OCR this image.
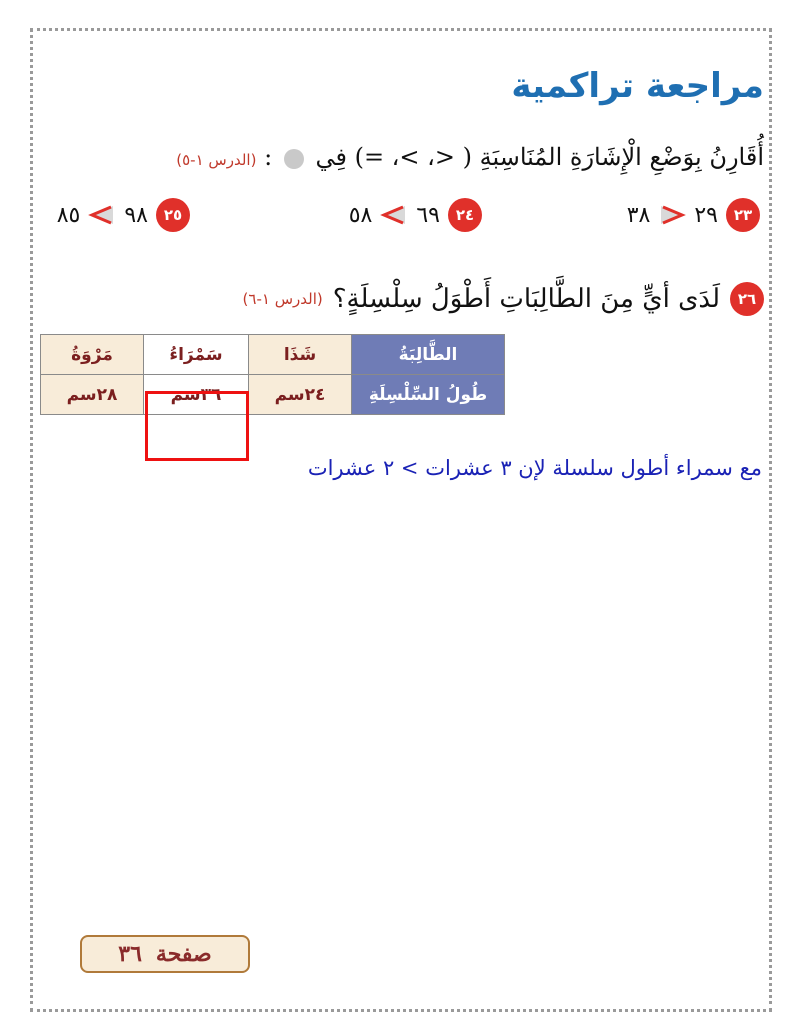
مراجعة تراكمية
أُقَارِنُ بِوَضْعِ الْإِشَارَةِ المُنَاسِبَةِ ( <، >، =) فِي  : (الدرس ١-٥)
٢٣
٢٩
٣٨
٢٤
٦٩
٥٨
٢٥
٩٨
٨٥
٢٦
لَدَى أيٍّ مِنَ الطَّالِبَاتِ أَطْوَلُ سِلْسِلَةٍ؟
(الدرس ١-٦)
الطَّالِبَةُ	شَذَا	سَمْرَاءُ	مَرْوَةُ
طُولُ السِّلْسِلَةِ	٢٤سم	٣٦سم	٢٨سم
مع سمراء أطول سلسلة لإن ٣ عشرات > ٢ عشرات
صفحة
٣٦
